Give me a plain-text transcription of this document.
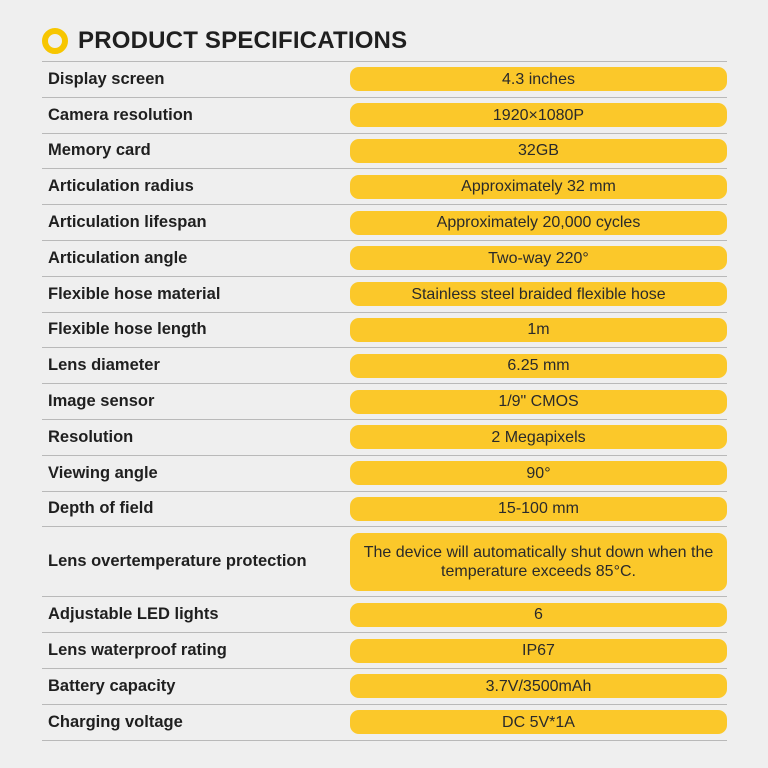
PRODUCT SPECIFICATIONS
Display screen	4.3 inches
Camera resolution	1920×1080P
Memory card	32GB
Articulation radius	Approximately 32 mm
Articulation lifespan	Approximately 20,000 cycles
Articulation angle	Two-way 220°
Flexible hose material	Stainless steel braided flexible hose
Flexible hose length	1m
Lens diameter	6.25 mm
Image sensor	1/9" CMOS
Resolution	2 Megapixels
Viewing angle	90°
Depth of field	15-100 mm
Lens overtemperature protection	The device will automatically shut down when the temperature exceeds 85°C.
Adjustable LED lights	6
Lens waterproof rating	IP67
Battery capacity	3.7V/3500mAh
Charging voltage	DC 5V*1A
